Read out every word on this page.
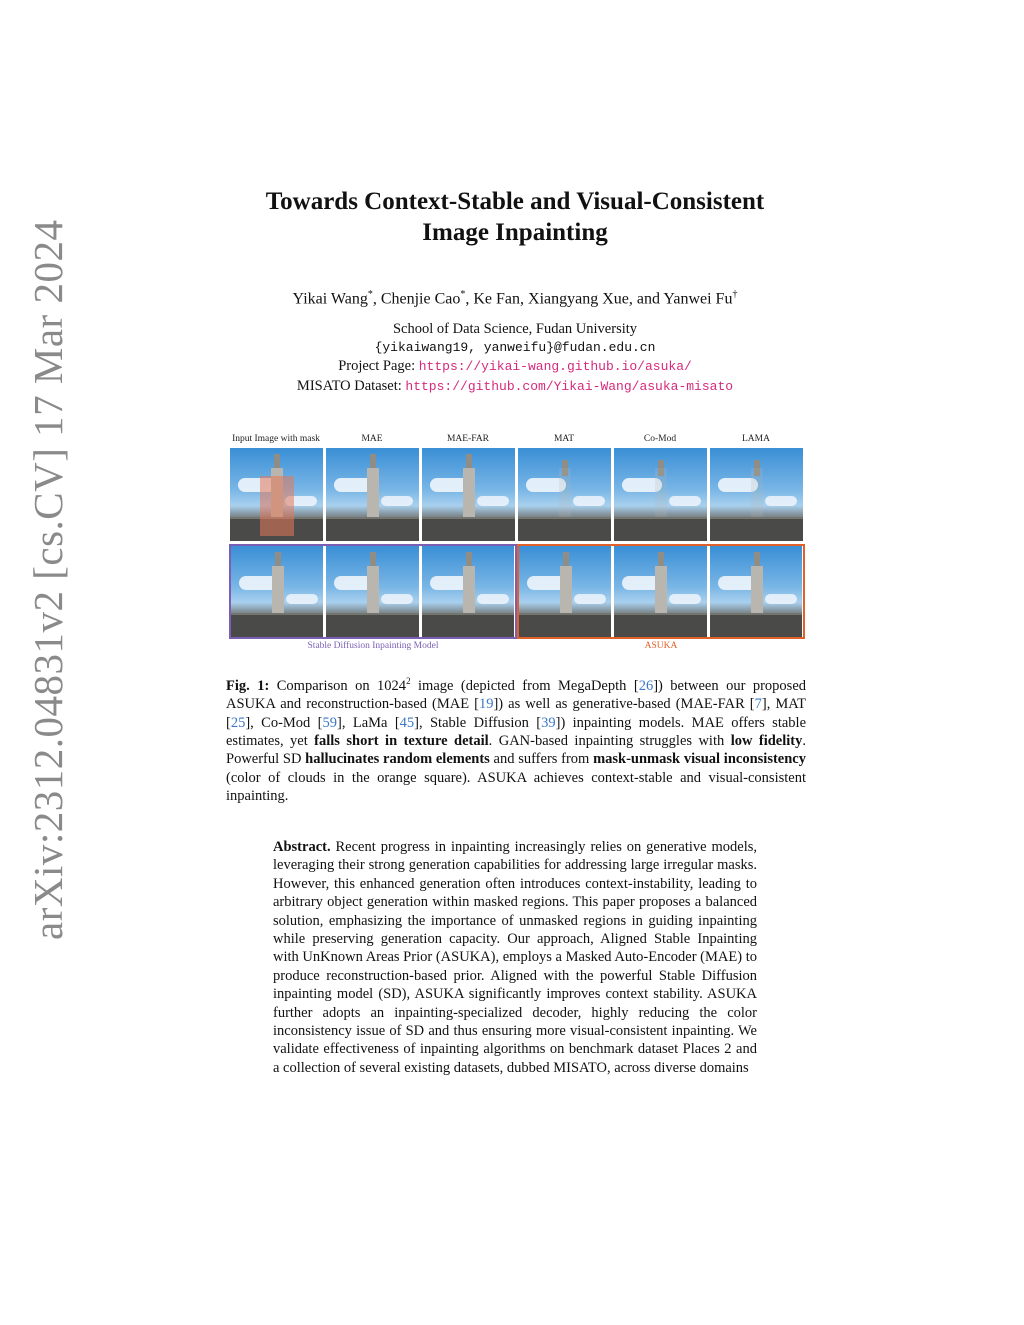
arXiv:2312.04831v2 [cs.CV] 17 Mar 2024
Towards Context-Stable and Visual-Consistent
Image Inpainting
Yikai Wang*, Chenjie Cao*, Ke Fan, Xiangyang Xue, and Yanwei Fu†
School of Data Science, Fudan University
{yikaiwang19, yanweifu}@fudan.edu.cn
Project Page: https://yikai-wang.github.io/asuka/
MISATO Dataset: https://github.com/Yikai-Wang/asuka-misato
Input Image with mask	MAE	MAE-FAR	MAT	Co-Mod	LAMA
Stable Diffusion Inpainting Model	ASUKA
Fig. 1: Comparison on 1024$^2$ image (depicted from MegaDepth [26]) between our proposed ASUKA and reconstruction-based (MAE [19]) as well as generative-based (MAE-FAR [7], MAT [25], Co-Mod [59], LaMa [45], Stable Diffusion [39]) inpainting models. MAE offers stable estimates, yet falls short in texture detail. GAN-based inpainting struggles with low fidelity. Powerful SD hallucinates random elements and suffers from mask-unmask visual inconsistency (color of clouds in the orange square). ASUKA achieves context-stable and visual-consistent inpainting.
Abstract. Recent progress in inpainting increasingly relies on generative models, leveraging their strong generation capabilities for addressing large irregular masks. However, this enhanced generation often introduces context-instability, leading to arbitrary object generation within masked regions. This paper proposes a balanced solution, emphasizing the importance of unmasked regions in guiding inpainting while preserving generation capacity. Our approach, Aligned Stable Inpainting with UnKnown Areas Prior (ASUKA), employs a Masked Auto-Encoder (MAE) to produce reconstruction-based prior. Aligned with the powerful Stable Diffusion inpainting model (SD), ASUKA significantly improves context stability. ASUKA further adopts an inpainting-specialized decoder, highly reducing the color inconsistency issue of SD and thus ensuring more visual-consistent inpainting. We validate effectiveness of inpainting algorithms on benchmark dataset Places 2 and a collection of several existing datasets, dubbed MISATO, across diverse domains
